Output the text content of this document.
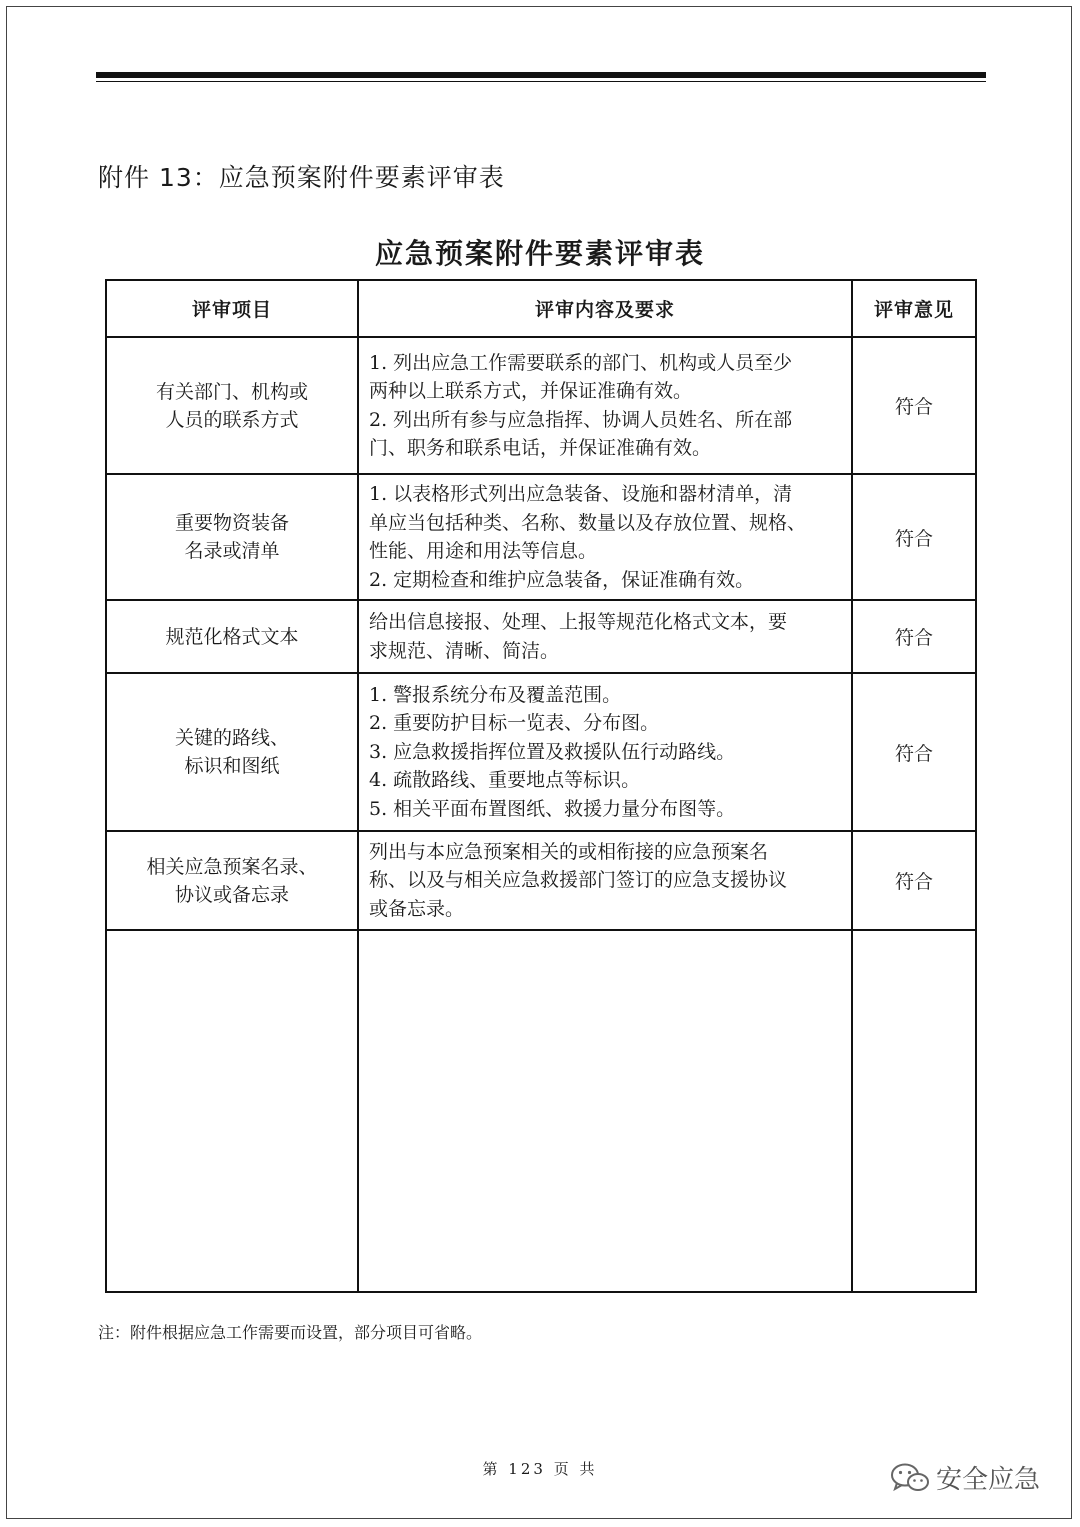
附件 13：应急预案附件要素评审表
应急预案附件要素评审表
评审项目	评审内容及要求	评审意见

有关部门、机构或
人员的联系方式	1. 列出应急工作需要联系的部门、机构或人员至少
两种以上联系方式，并保证准确有效。
2. 列出所有参与应急指挥、协调人员姓名、所在部
门、职务和联系电话，并保证准确有效。	符合

重要物资装备
名录或清单	1. 以表格形式列出应急装备、设施和器材清单，清
单应当包括种类、名称、数量以及存放位置、规格、
性能、用途和用法等信息。
2. 定期检查和维护应急装备，保证准确有效。	符合

规范化格式文本	给出信息接报、处理、上报等规范化格式文本，要
求规范、清晰、简洁。	符合

关键的路线、
标识和图纸	1. 警报系统分布及覆盖范围。
2. 重要防护目标一览表、分布图。
3. 应急救援指挥位置及救援队伍行动路线。
4. 疏散路线、重要地点等标识。
5. 相关平面布置图纸、救援力量分布图等。	符合

相关应急预案名录、
协议或备忘录	列出与本应急预案相关的或相衔接的应急预案名
称、以及与相关应急救援部门签订的应急支援协议
或备忘录。	符合

注：附件根据应急工作需要而设置，部分项目可省略。
第 123 页 共	安全应急
